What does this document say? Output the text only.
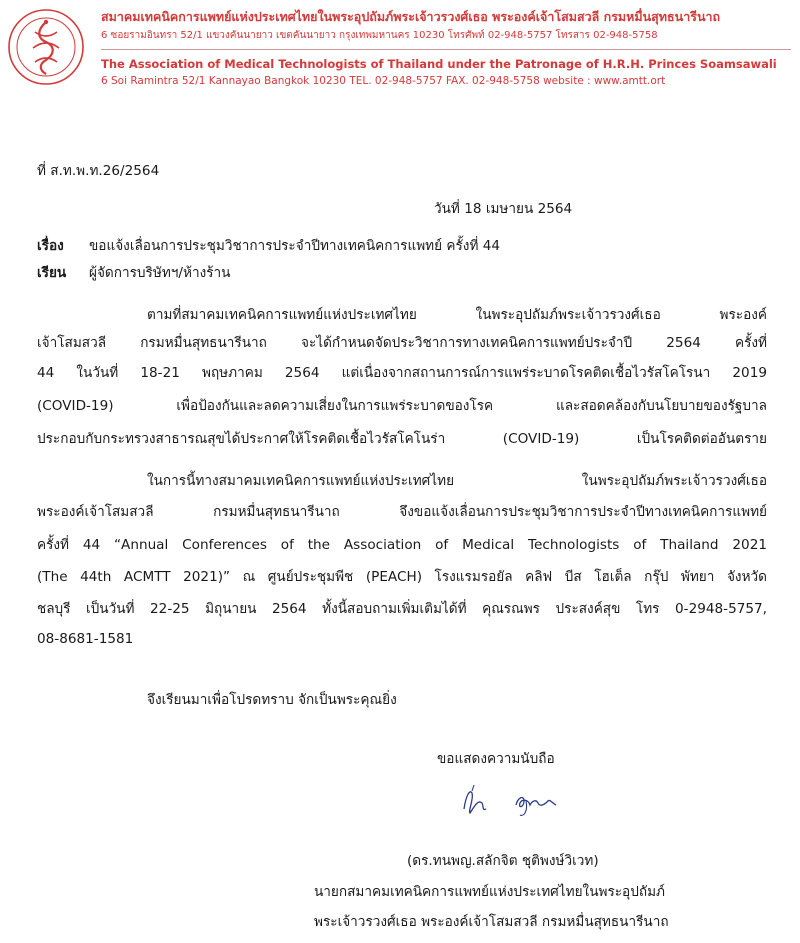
สมาคมเทคนิคการแพทย์แห่งประเทศไทยในพระอุปถัมภ์พระเจ้าวรวงศ์เธอ พระองค์เจ้าโสมสวลี กรมหมื่นสุทธนารีนาถ
6 ซอยรามอินทรา 52/1 แขวงคันนายาว เขตคันนายาว กรุงเทพมหานคร 10230 โทรศัพท์ 02-948-5757 โทรสาร 02-948-5758
The Association of Medical Technologists of Thailand under the Patronage of H.R.H. Princes Soamsawali
6 Soi Ramintra 52/1 Kannayao Bangkok 10230 TEL. 02-948-5757 FAX. 02-948-5758 website : www.amtt.ort
ที่ ส.ท.พ.ท.26/2564
วันที่ 18 เมษายน 2564
เรื่อง ขอแจ้งเลื่อนการประชุมวิชาการประจำปีทางเทคนิคการแพทย์ ครั้งที่ 44
เรียน ผู้จัดการบริษัทฯ/ห้างร้าน
ตามที่สมาคมเทคนิคการแพทย์แห่งประเทศไทย ในพระอุปถัมภ์พระเจ้าวรวงศ์เธอ พระองค์
เจ้าโสมสวลี กรมหมื่นสุทธนารีนาถ จะได้กำหนดจัดประวิชาการทางเทคนิคการแพทย์ประจำปี 2564 ครั้งที่
44 ในวันที่ 18-21 พฤษภาคม 2564 แต่เนื่องจากสถานการณ์การแพร่ระบาดโรคติดเชื้อไวรัสโคโรนา 2019
(COVID-19) เพื่อป้องกันและลดความเสี่ยงในการแพร่ระบาดของโรค และสอดคล้องกับนโยบายของรัฐบาล
ประกอบกับกระทรวงสาธารณสุขได้ประกาศให้โรคติดเชื้อไวรัสโคโนร่า (COVID-19) เป็นโรคติดต่ออันตราย
ในการนี้ทางสมาคมเทคนิคการแพทย์แห่งประเทศไทย ในพระอุปถัมภ์พระเจ้าวรวงศ์เธอ
พระองค์เจ้าโสมสวลี กรมหมื่นสุทธนารีนาถ จึงขอแจ้งเลื่อนการประชุมวิชาการประจำปีทางเทคนิคการแพทย์
ครั้งที่ 44 “Annual Conferences of the Association of Medical Technologists of Thailand 2021
(The 44th ACMTT 2021)” ณ ศูนย์ประชุมพีช (PEACH) โรงแรมรอยัล คลิฟ บีส โฮเต็ล กรุ๊ป พัทยา จังหวัด
ชลบุรี เป็นวันที่ 22-25 มิถุนายน 2564 ทั้งนี้สอบถามเพิ่มเติมได้ที่ คุณรณพร ประสงค์สุข โทร 0-2948-5757,
08-8681-1581
จึงเรียนมาเพื่อโปรดทราบ จักเป็นพระคุณยิ่ง
ขอแสดงความนับถือ
(ดร.ทนพญ.สลักจิต ชุติพงษ์วิเวท)
นายกสมาคมเทคนิคการแพทย์แห่งประเทศไทยในพระอุปถัมภ์
พระเจ้าวรวงศ์เธอ พระองค์เจ้าโสมสวลี กรมหมื่นสุทธนารีนาถ
